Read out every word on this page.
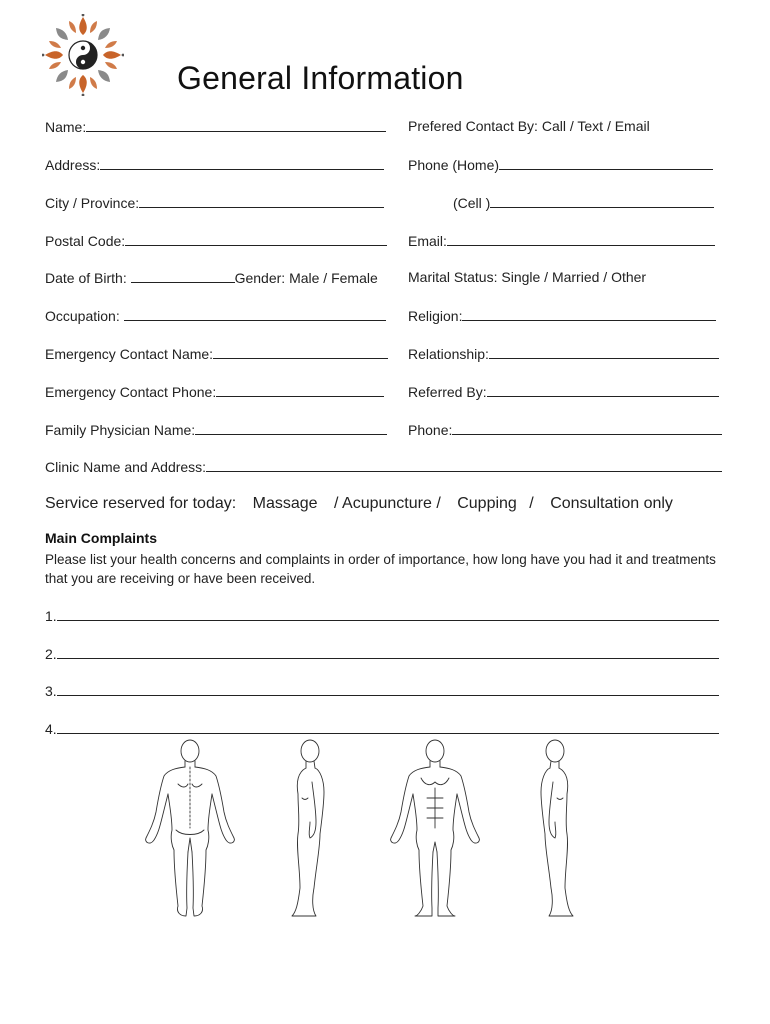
General Information
Name:
Address:
City / Province:
Postal Code:
Date of Birth:	Gender: Male / Female
Occupation:
Emergency Contact Name:
Emergency Contact Phone:
Family Physician Name:
Prefered Contact By: Call / Text / Email
Phone (Home)
(Cell )
Email:
Marital Status: Single / Married / Other
Religion:
Relationship:
Referred By:
Phone:
Clinic Name and Address:
Service reserved for today: Massage / Acupuncture / Cupping / Consultation only
Main Complaints
Please list your health concerns and complaints in order of importance, how long have you had it and treatments that you are receiving or have been received.
1.
2.
3.
4.
